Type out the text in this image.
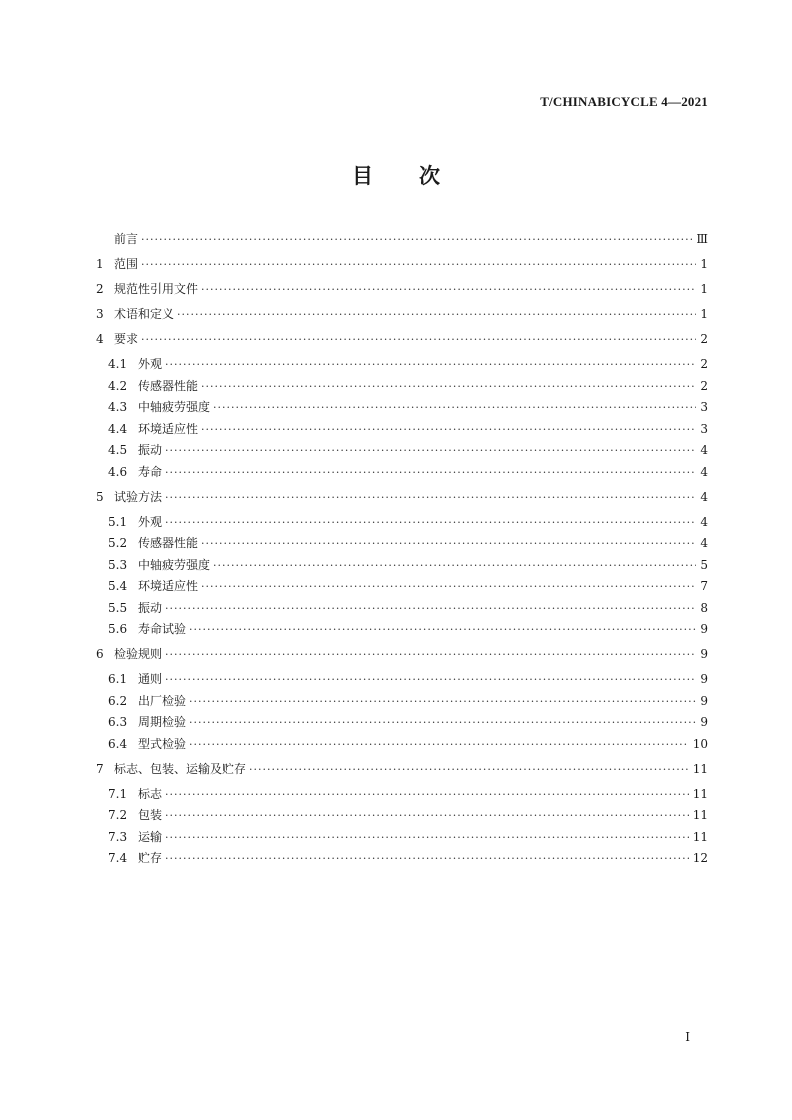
T/CHINABICYCLE 4—2021
目 次
前言 ·····	Ⅲ
1 范围 ·····	1
2 规范性引用文件 ·····	1
3 术语和定义 ·····	1
4 要求 ·····	2
4.1 外观 ·····	2
4.2 传感器性能 ·····	2
4.3 中轴疲劳强度 ·····	3
4.4 环境适应性 ·····	3
4.5 振动 ·····	4
4.6 寿命 ·····	4
5 试验方法 ·····	4
5.1 外观 ·····	4
5.2 传感器性能 ·····	4
5.3 中轴疲劳强度 ·····	5
5.4 环境适应性 ·····	7
5.5 振动 ·····	8
5.6 寿命试验 ·····	9
6 检验规则 ·····	9
6.1 通则 ·····	9
6.2 出厂检验 ·····	9
6.3 周期检验 ·····	9
6.4 型式检验 ·····	10
7 标志、包装、运输及贮存 ·····	11
7.1 标志 ·····	11
7.2 包装 ·····	11
7.3 运输 ·····	11
7.4 贮存 ·····	12
I
